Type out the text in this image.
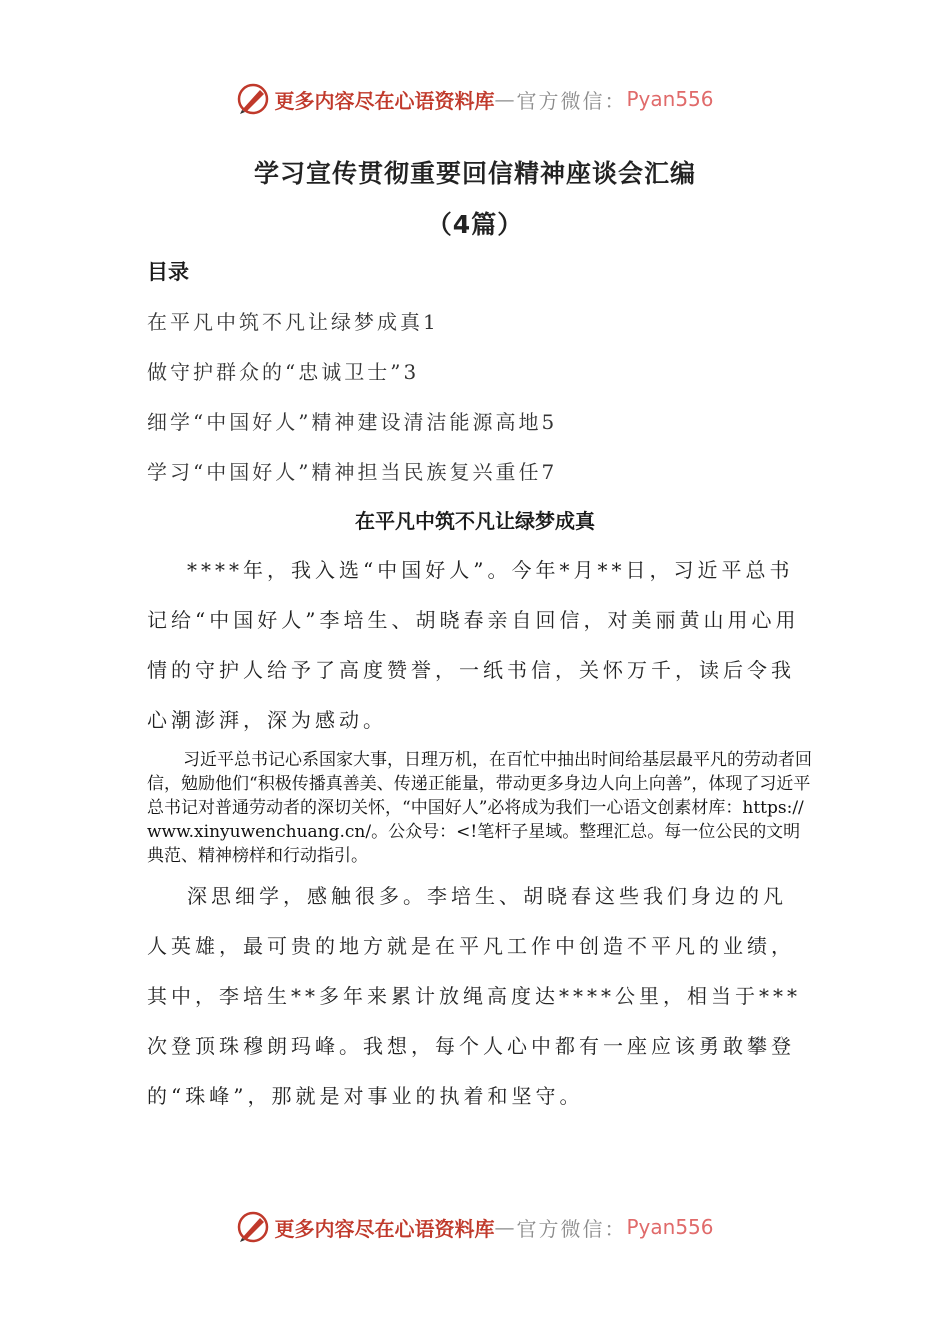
更多内容尽在心语资料库 — 官方微信： Pyan556
学习宣传贯彻重要回信精神座谈会汇编
（4篇）
目录
在平凡中筑不凡让绿梦成真1
做守护群众的“忠诚卫士”3
细学“中国好人”精神建设清洁能源高地5
学习“中国好人”精神担当民族复兴重任7
在平凡中筑不凡让绿梦成真

****年，我入选“中国好人”。今年*月**日，习近平总书记给“中国好人”李培生、胡晓春亲自回信，对美丽黄山用心用情的守护人给予了高度赞誉，一纸书信，关怀万千，读后令我心潮澎湃，深为感动。

习近平总书记心系国家大事，日理万机，在百忙中抽出时间给基层最平凡的劳动者回信，勉励他们“积极传播真善美、传递正能量，带动更多身边人向上向善”，体现了习近平总书记对普通劳动者的深切关怀，“中国好人”必将成为我们一心语文创素材库：https://www.xinyuwenchuang.cn/。公众号：<!笔杆子星域。整理汇总。每一位公民的文明典范、精神榜样和行动指引。

深思细学，感触很多。李培生、胡晓春这些我们身边的凡人英雄，最可贵的地方就是在平凡工作中创造不平凡的业绩，其中，李培生**多年来累计放绳高度达****公里，相当于***次登顶珠穆朗玛峰。我想，每个人心中都有一座应该勇敢攀登的“珠峰”，那就是对事业的执着和坚守。

更多内容尽在心语资料库 — 官方微信： Pyan556
